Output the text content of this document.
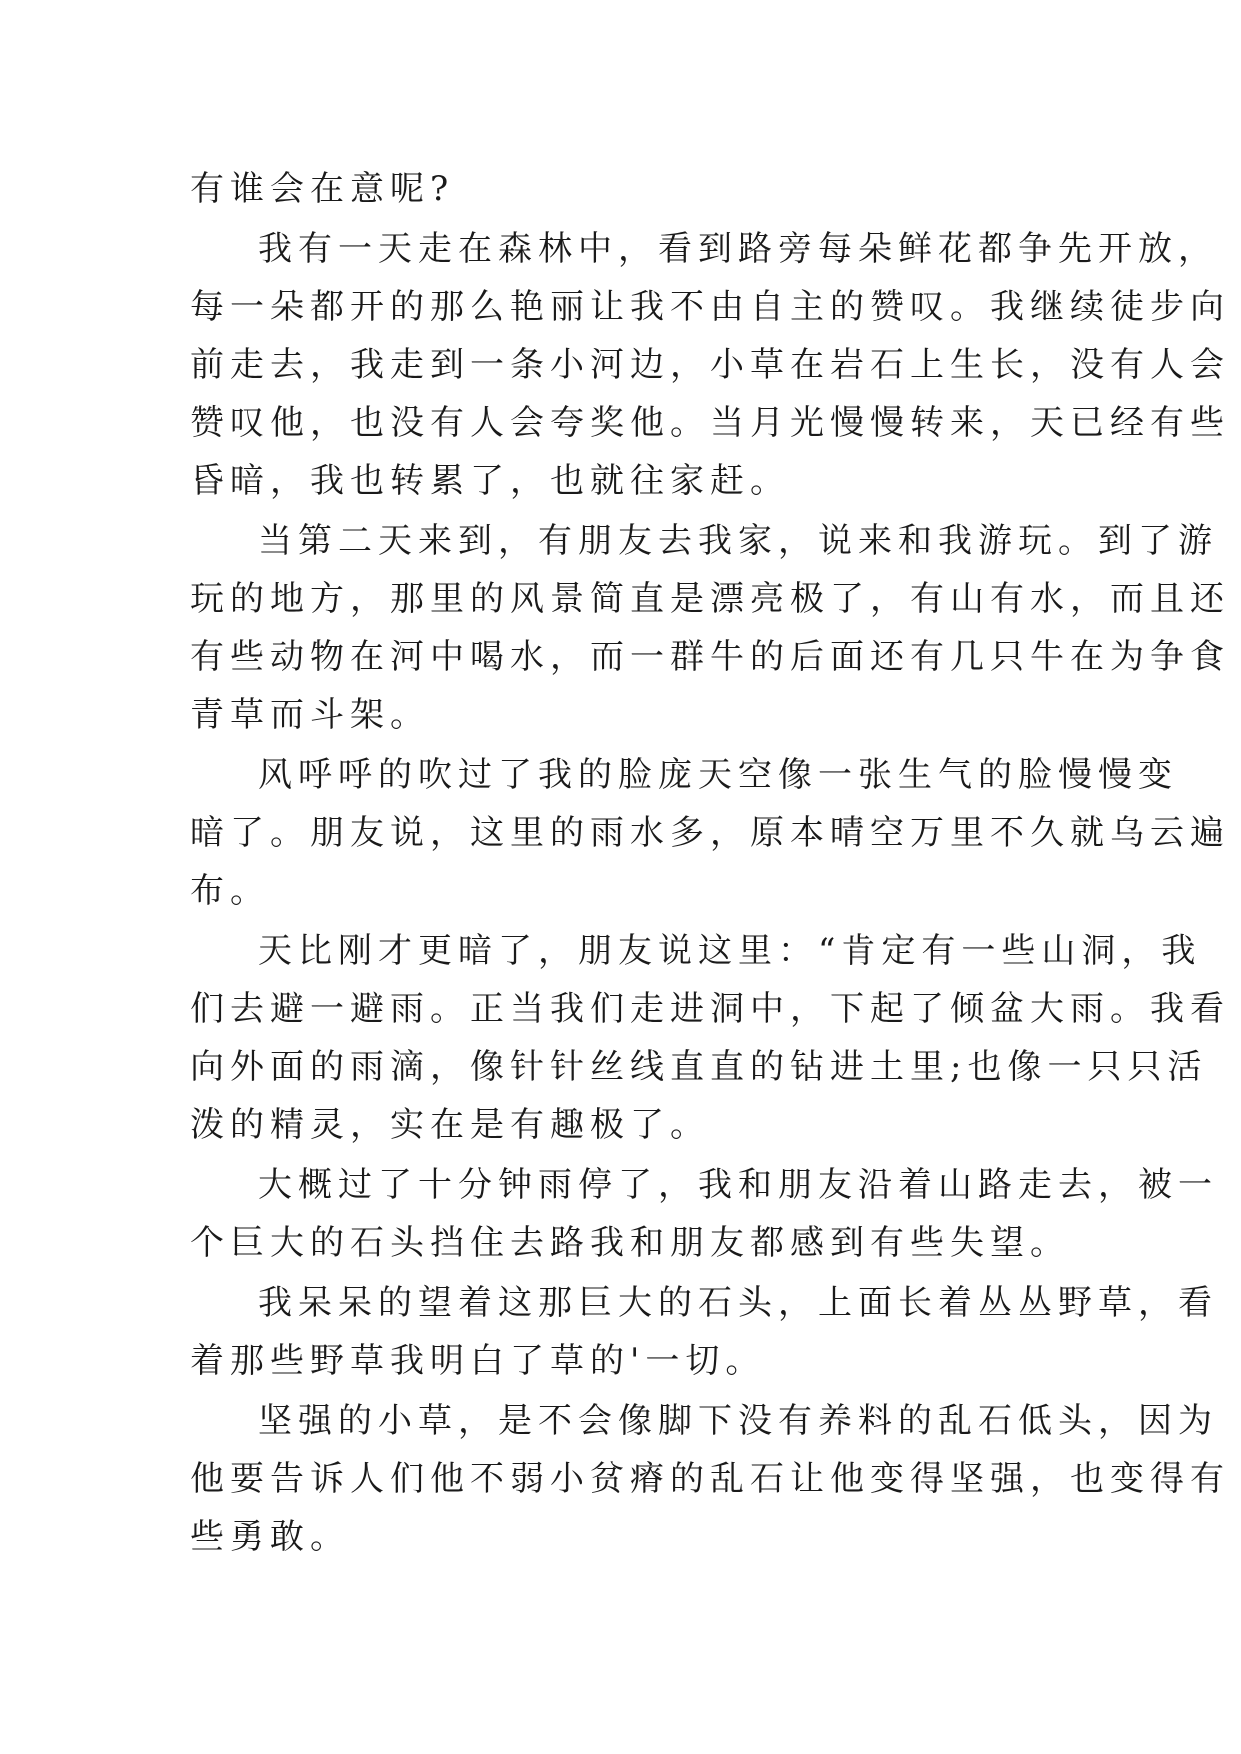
有谁会在意呢?
我有一天走在森林中，看到路旁每朵鲜花都争先开放，
每一朵都开的那么艳丽让我不由自主的赞叹。我继续徒步向
前走去，我走到一条小河边，小草在岩石上生长，没有人会
赞叹他，也没有人会夸奖他。当月光慢慢转来，天已经有些
昏暗，我也转累了，也就往家赶。
当第二天来到，有朋友去我家，说来和我游玩。到了游
玩的地方，那里的风景简直是漂亮极了，有山有水，而且还
有些动物在河中喝水，而一群牛的后面还有几只牛在为争食
青草而斗架。
风呼呼的吹过了我的脸庞天空像一张生气的脸慢慢变
暗了。朋友说，这里的雨水多，原本晴空万里不久就乌云遍
布。
天比刚才更暗了，朋友说这里：“肯定有一些山洞，我
们去避一避雨。正当我们走进洞中，下起了倾盆大雨。我看
向外面的雨滴，像针针丝线直直的钻进土里;也像一只只活
泼的精灵，实在是有趣极了。
大概过了十分钟雨停了，我和朋友沿着山路走去，被一
个巨大的石头挡住去路我和朋友都感到有些失望。
我呆呆的望着这那巨大的石头，上面长着丛丛野草，看
着那些野草我明白了草的'一切。
坚强的小草，是不会像脚下没有养料的乱石低头，因为
他要告诉人们他不弱小贫瘠的乱石让他变得坚强，也变得有
些勇敢。
